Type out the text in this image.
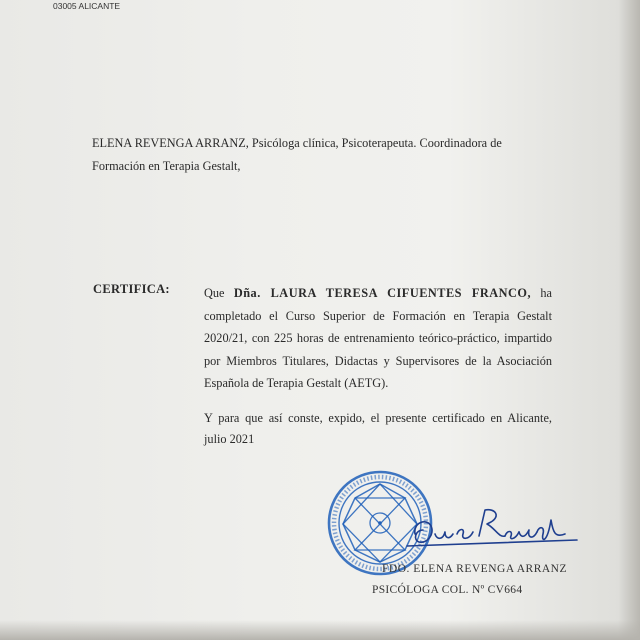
03005 ALICANTE
ELENA REVENGA ARRANZ, Psicóloga clínica, Psicoterapeuta. Coordinadora de
Formación en Terapia Gestalt,
CERTIFICA:	Que Dña. LAURA TERESA CIFUENTES FRANCO, ha
completado el Curso Superior de Formación en Terapia Gestalt
2020/21, con 225 horas de entrenamiento teórico-práctico, impartido
por Miembros Titulares, Didactas y Supervisores de la Asociación
Española de Terapia Gestalt (AETG).
Y para que así conste, expido, el presente certificado en Alicante,
julio 2021
FDO. ELENA REVENGA ARRANZ
PSICÓLOGA COL. Nº CV664
